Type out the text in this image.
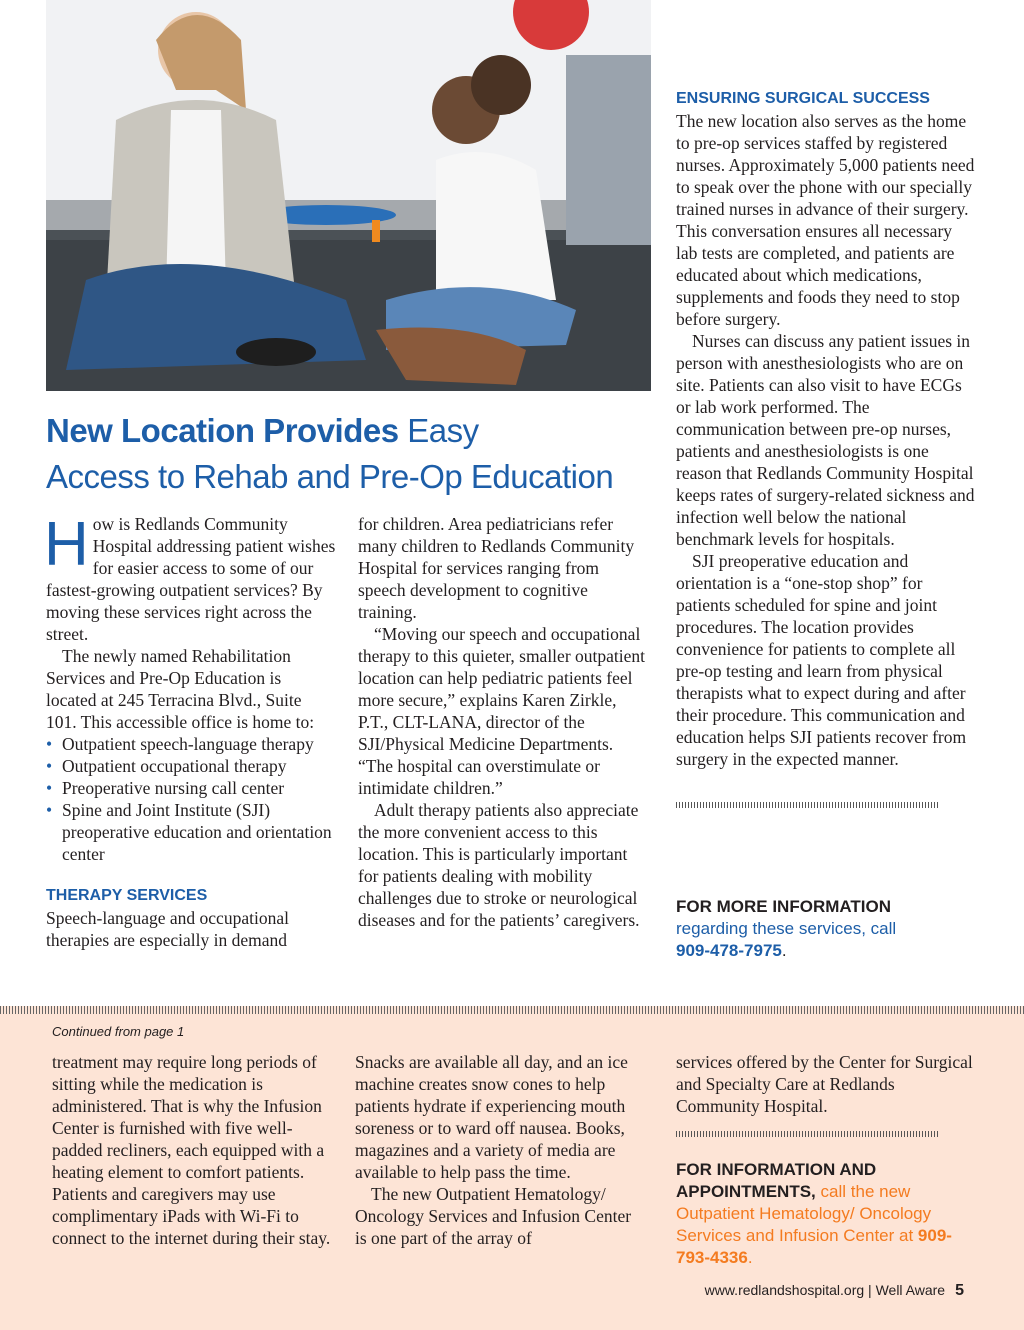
New Location Provides Easy
Access to Rehab and Pre-Op Education

How is Redlands Community Hospital addressing patient wishes for easier access to some of our fastest-growing outpatient services? By moving these services right across the street.

The newly named Rehabilitation Services and Pre-Op Education is located at 245 Terracina Blvd., Suite 101. This accessible office is home to:

• Outpatient speech-language therapy
• Outpatient occupational therapy
• Preoperative nursing call center
• Spine and Joint Institute (SJI) preoperative education and orientation center
THERAPY SERVICES

Speech-language and occupational therapies are especially in demand

for children. Area pediatricians refer many children to Redlands Community Hospital for services ranging from speech development to cognitive training.

“Moving our speech and occupational therapy to this quieter, smaller outpatient location can help pediatric patients feel more secure,” explains Karen Zirkle, P.T., CLT-LANA, director of the SJI/Physical Medicine Departments. “The hospital can overstimulate or intimidate children.”

Adult therapy patients also appreciate the more convenient access to this location. This is particularly important for patients dealing with mobility challenges due to stroke or neurological diseases and for the patients’ caregivers.

ENSURING SURGICAL SUCCESS

The new location also serves as the home to pre-op services staffed by registered nurses. Approximately 5,000 patients need to speak over the phone with our specially trained nurses in advance of their surgery. This conversation ensures all necessary lab tests are completed, and patients are educated about which medications, supplements and foods they need to stop before surgery.

Nurses can discuss any patient issues in person with anesthesiologists who are on site. Patients can also visit to have ECGs or lab work performed. The communication between pre-op nurses, patients and anesthesiologists is one reason that Redlands Community Hospital keeps rates of surgery-related sickness and infection well below the national benchmark levels for hospitals.

SJI preoperative education and orientation is a “one-stop shop” for patients scheduled for spine and joint procedures. The location provides convenience for patients to complete all pre-op testing and learn from physical therapists what to expect during and after their procedure. This communication and education helps SJI patients recover from surgery in the expected manner.

FOR MORE INFORMATION
regarding these services, call
909-478-7975.
Continued from page 1

treatment may require long periods of sitting while the medication is administered. That is why the Infusion Center is furnished with five well-padded recliners, each equipped with a heating element to comfort patients. Patients and caregivers may use complimentary iPads with Wi-Fi to connect to the internet during their stay.

Snacks are available all day, and an ice machine creates snow cones to help patients hydrate if experiencing mouth soreness or to ward off nausea. Books, magazines and a variety of media are available to help pass the time.

The new Outpatient Hematology/ Oncology Services and Infusion Center is one part of the array of

services offered by the Center for Surgical and Specialty Care at Redlands Community Hospital.

FOR INFORMATION AND APPOINTMENTS, call the new Outpatient Hematology/ Oncology Services and Infusion Center at 909-793-4336.
www.redlandshospital.org | Well Aware 5
